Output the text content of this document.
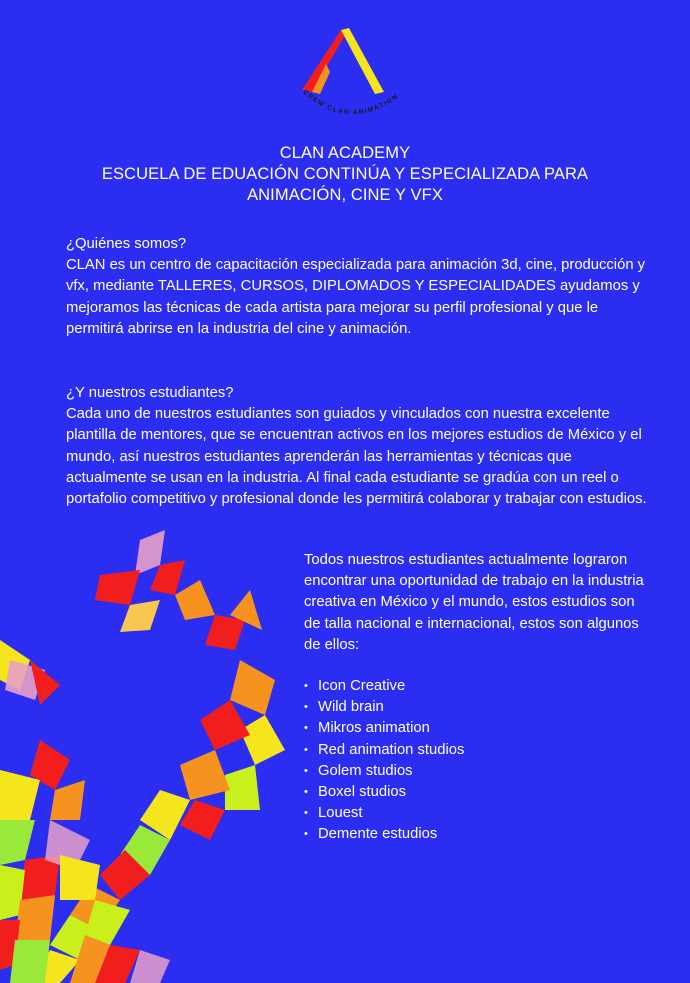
CREW CLAN ANIMATION
CLAN ACADEMY
ESCUELA DE EDUACIÓN CONTINÚA Y ESPECIALIZADA PARA
ANIMACIÓN, CINE Y VFX
¿Quiénes somos?
CLAN es un centro de capacitación especializada para animación 3d, cine, producción y vfx, mediante TALLERES, CURSOS, DIPLOMADOS Y ESPECIALIDADES ayudamos y mejoramos las técnicas de cada artista para mejorar su perfil profesional y que le permitirá abrirse en la industria del cine y animación.
¿Y nuestros estudiantes?
Cada uno de nuestros estudiantes son guiados y vinculados con nuestra excelente plantilla de mentores, que se encuentran activos en los mejores estudios de México y el mundo, así nuestros estudiantes aprenderán las herramientas y técnicas que actualmente se usan en la industria. Al final cada estudiante se gradúa con un reel o portafolio competitivo y profesional donde les permitirá colaborar y trabajar con estudios.
Todos nuestros estudiantes actualmente lograron encontrar una oportunidad de trabajo en la industria creativa en México y el mundo, estos estudios son de talla nacional e internacional, estos son algunos de ellos:
• Icon Creative
• Wild brain
• Mikros animation
• Red animation studios
• Golem studios
• Boxel studios
• Louest
• Demente estudios
